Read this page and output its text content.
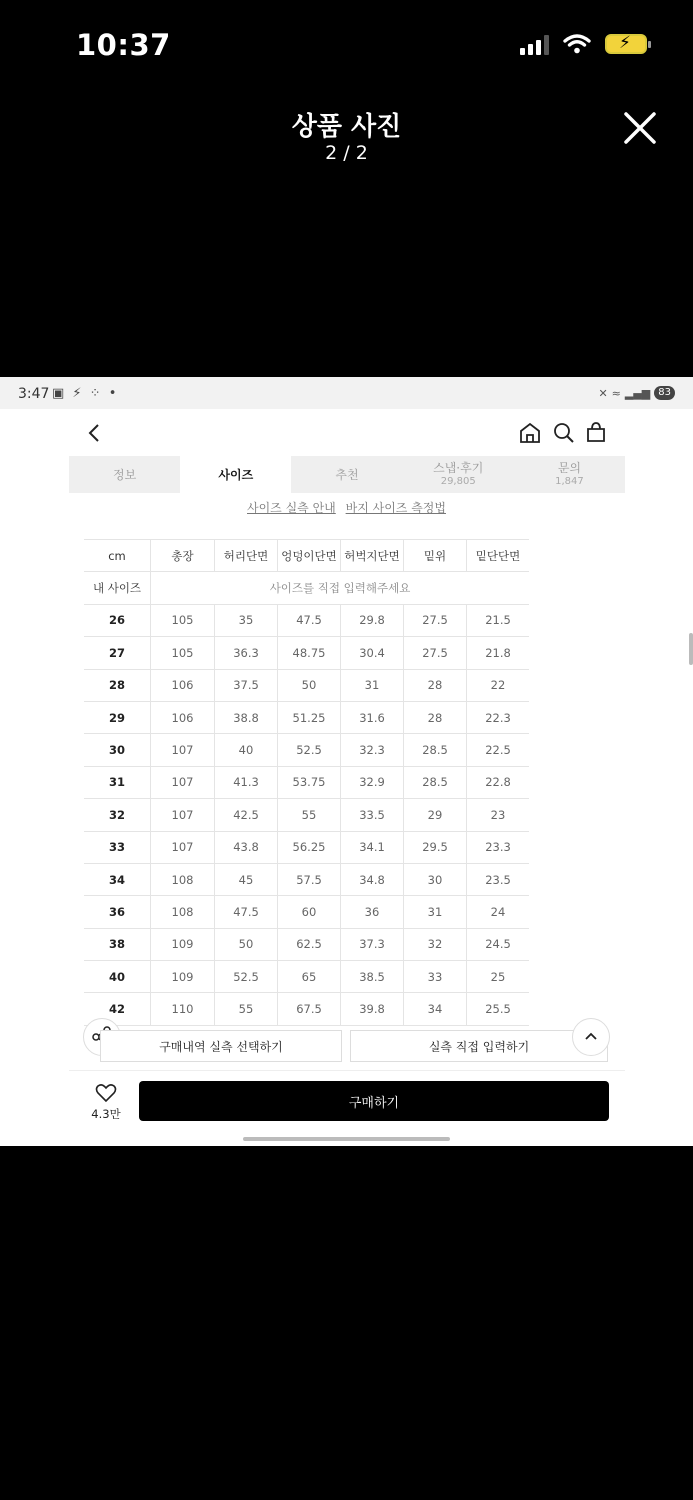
10:37	⚡
상품 사진
2 / 2
3:47 ▣ ⚡ ⁘ •	✕ ≈ ▂▄▆ 83
정보	사이즈	추천	스냅·후기
29,805
문의
1,847
사이즈 실측 안내 바지 사이즈 측정법
cm	총장	허리단면	엉덩이단면	허벅지단면	밑위	밑단단면
내 사이즈	사이즈를 직접 입력해주세요					
26	105	35	47.5	29.8	27.5	21.5
27	105	36.3	48.75	30.4	27.5	21.8
28	106	37.5	50	31	28	22
29	106	38.8	51.25	31.6	28	22.3
30	107	40	52.5	32.3	28.5	22.5
31	107	41.3	53.75	32.9	28.5	22.8
32	107	42.5	55	33.5	29	23
33	107	43.8	56.25	34.1	29.5	23.3
34	108	45	57.5	34.8	30	23.5
36	108	47.5	60	36	31	24
38	109	50	62.5	37.3	32	24.5
40	109	52.5	65	38.5	33	25
42	110	55	67.5	39.8	34	25.5
구매내역 실측 선택하기	실측 직접 입력하기
4.3만
구매하기
